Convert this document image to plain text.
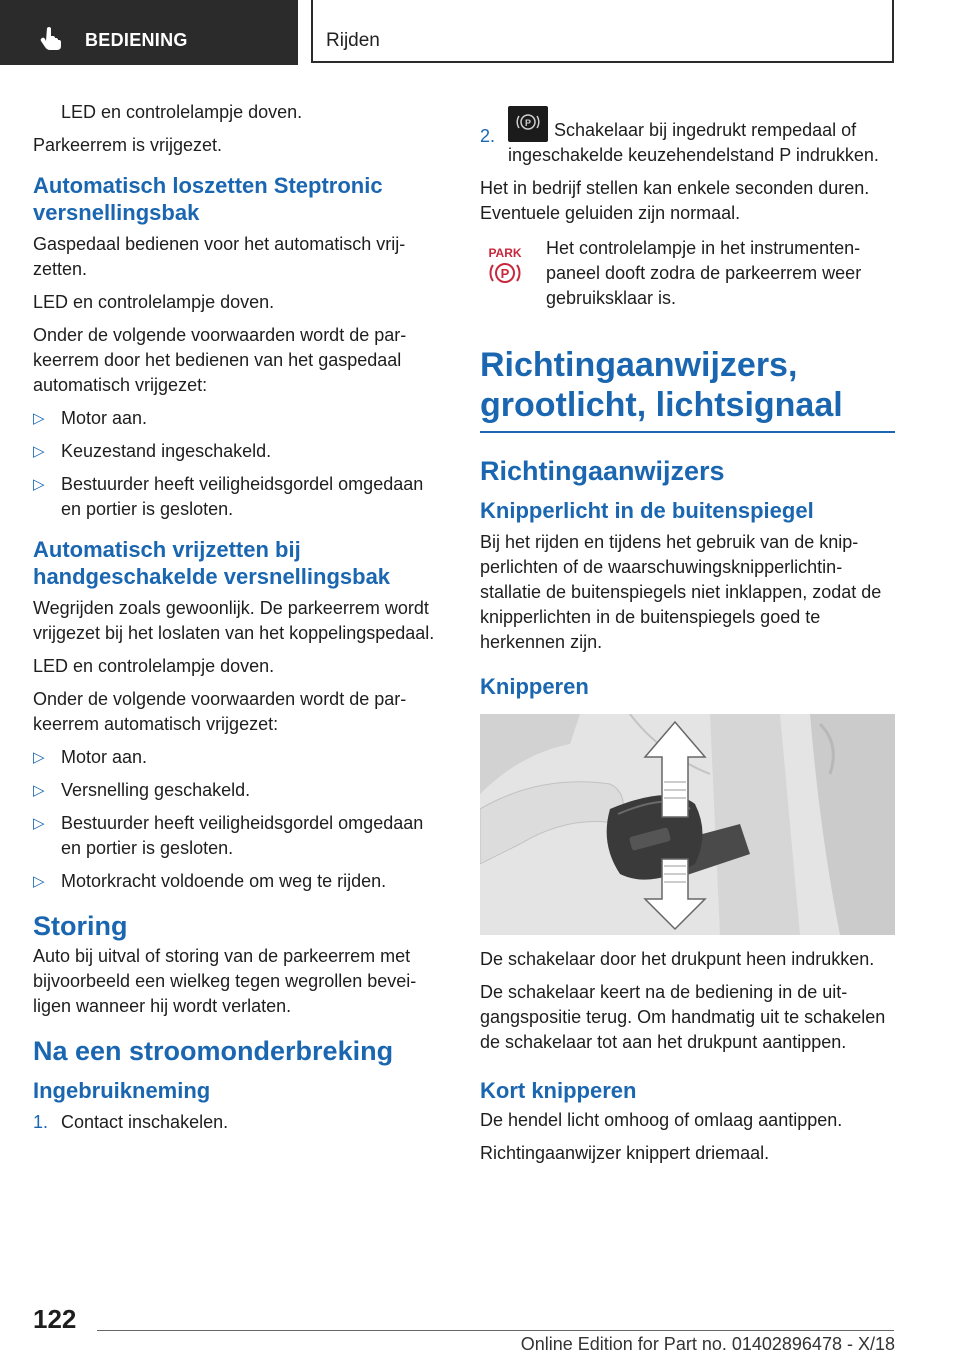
BEDIENING	Rijden

LED en controlelampje doven.

Parkeerrem is vrijgezet.

Automatisch loszetten Steptronic versnellingsbak

Gaspedaal bedienen voor het automatisch vrijzetten.

LED en controlelampje doven.

Onder de volgende voorwaarden wordt de parkeerrem door het bedienen van het gaspedaal automatisch vrijgezet:

▷ Motor aan.

▷ Keuzestand ingeschakeld.

▷ Bestuurder heeft veiligheidsgordel omgedaan en portier is gesloten.

Automatisch vrijzetten bij handgeschakelde versnellingsbak

Wegrijden zoals gewoonlijk. De parkeerrem wordt vrijgezet bij het loslaten van het koppelingspedaal.

LED en controlelampje doven.

Onder de volgende voorwaarden wordt de parkeerrem automatisch vrijgezet:

▷ Motor aan.

▷ Versnelling geschakeld.

▷ Bestuurder heeft veiligheidsgordel omgedaan en portier is gesloten.

▷ Motorkracht voldoende om weg te rijden.

Storing

Auto bij uitval of storing van de parkeerrem met bijvoorbeeld een wielkeg tegen wegrollen beveiligen wanneer hij wordt verlaten.

Na een stroomonderbreking
Ingebruikneming
1. Contact inschakelen.

2.

P Schakelaar bij ingedrukt rempedaal of ingeschakelde keuzehendelstand P indrukken.

Het in bedrijf stellen kan enkele seconden duren. Eventuele geluiden zijn normaal.

PARK
P

Het controlelampje in het instrumentenpaneel dooft zodra de parkeerrem weer gebruiksklaar is.

Richtingaanwijzers, grootlicht, lichtsignaal
Richtingaanwijzers
Knipperlicht in de buitenspiegel

Bij het rijden en tijdens het gebruik van de knipperlichten of de waarschuwingsknipperlichtinstallatie de buitenspiegels niet inklappen, zodat de knipperlichten in de buitenspiegels goed te herkennen zijn.

Knipperen

De schakelaar door het drukpunt heen indrukken.

De schakelaar keert na de bediening in de uitgangspositie terug. Om handmatig uit te schakelen de schakelaar tot aan het drukpunt aantippen.

Kort knipperen

De hendel licht omhoog of omlaag aantippen.

Richtingaanwijzer knippert driemaal.

122
Online Edition for Part no. 01402896478 - X/18
